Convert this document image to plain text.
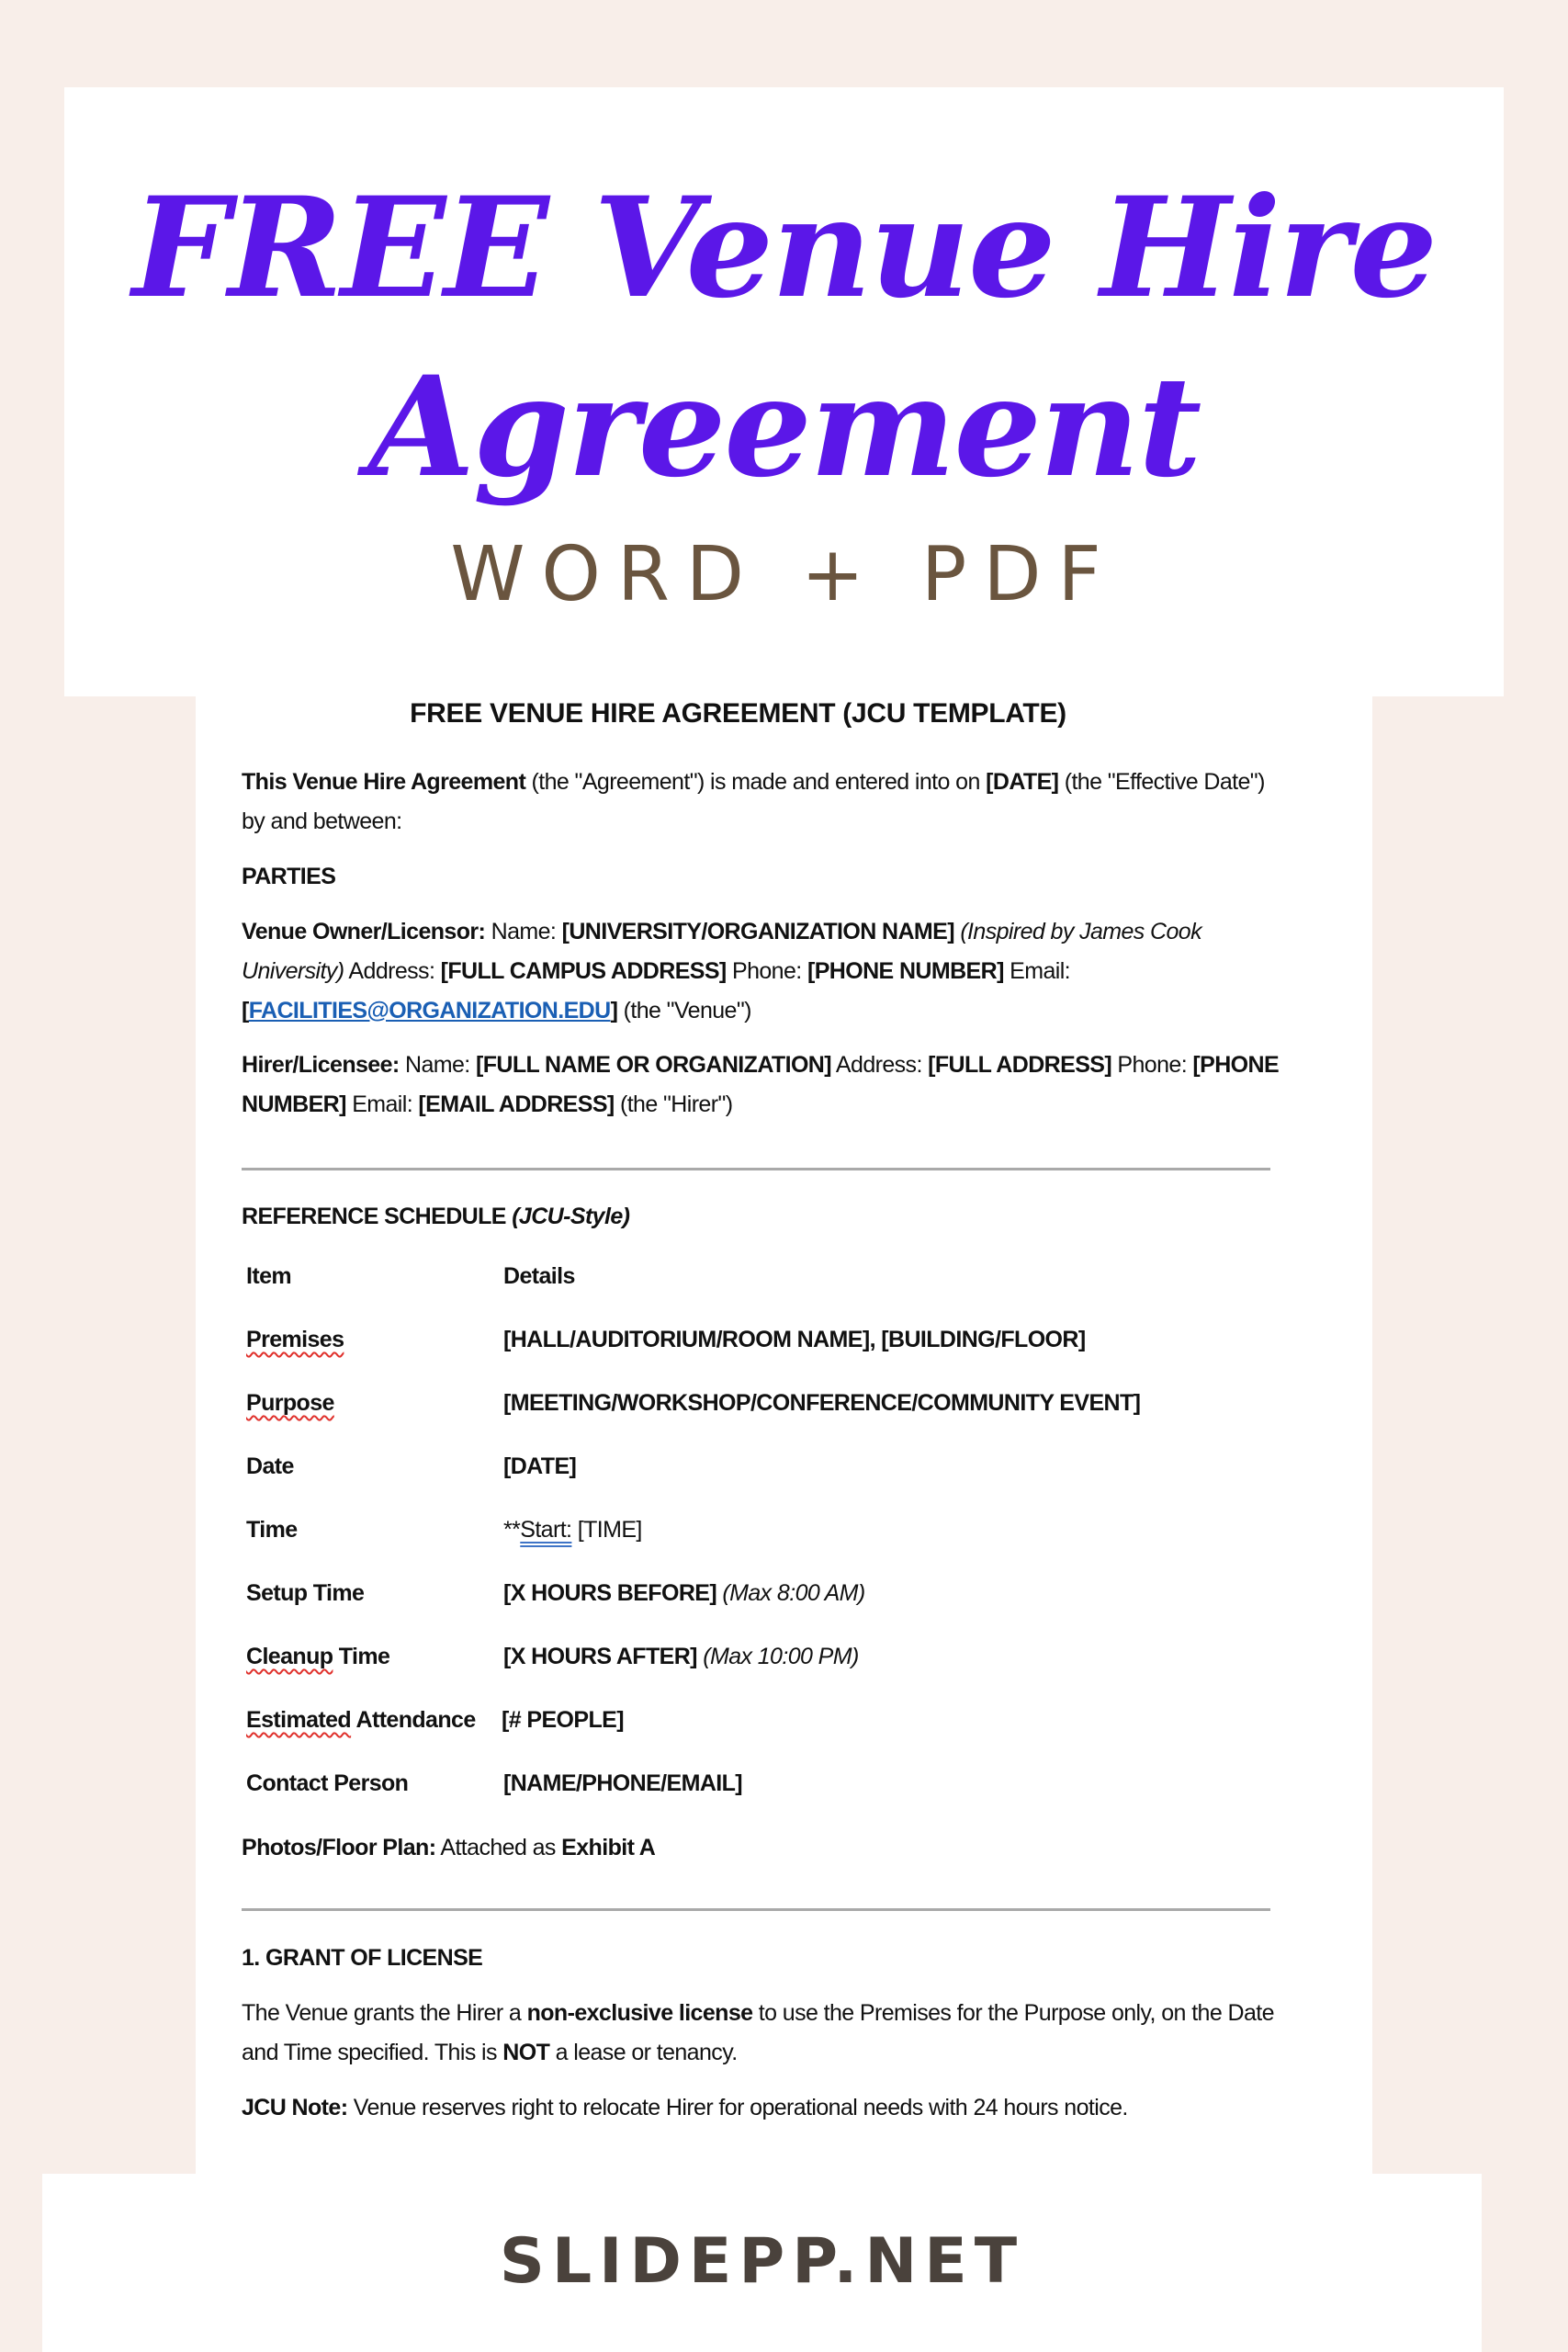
FREE Venue Hire
Agreement
WORD + PDF
FREE VENUE HIRE AGREEMENT (JCU TEMPLATE)
This Venue Hire Agreement (the "Agreement") is made and entered into on [DATE] (the "Effective Date") by and between:
PARTIES
Venue Owner/Licensor: Name: [UNIVERSITY/ORGANIZATION NAME] (Inspired by James Cook University) Address: [FULL CAMPUS ADDRESS] Phone: [PHONE NUMBER] Email: [FACILITIES@ORGANIZATION.EDU] (the "Venue")
Hirer/Licensee: Name: [FULL NAME OR ORGANIZATION] Address: [FULL ADDRESS] Phone: [PHONE NUMBER] Email: [EMAIL ADDRESS] (the "Hirer")
REFERENCE SCHEDULE (JCU-Style)
Item	Details
Premises	[HALL/AUDITORIUM/ROOM NAME], [BUILDING/FLOOR]
Purpose	[MEETING/WORKSHOP/CONFERENCE/COMMUNITY EVENT]
Date	[DATE]
Time	**Start: [TIME]
Setup Time	[X HOURS BEFORE] (Max 8:00 AM)
Cleanup Time	[X HOURS AFTER] (Max 10:00 PM)
Estimated Attendance [# PEOPLE]
Contact Person	[NAME/PHONE/EMAIL]
Photos/Floor Plan: Attached as Exhibit A
1. GRANT OF LICENSE
The Venue grants the Hirer a non-exclusive license to use the Premises for the Purpose only, on the Date and Time specified. This is NOT a lease or tenancy.
JCU Note: Venue reserves right to relocate Hirer for operational needs with 24 hours notice.
SLIDEPP.NET
